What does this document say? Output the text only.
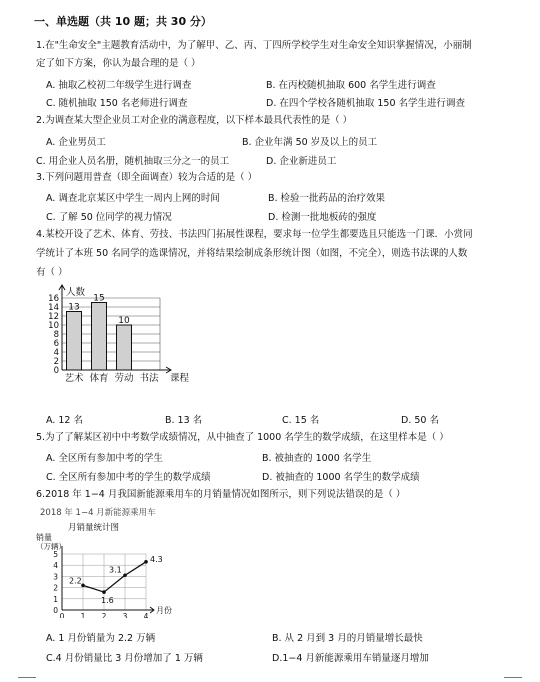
一、单选题（共 10 题；共 30 分）
1.在"生命安全"主题教育活动中，为了解甲、乙、丙、丁四所学校学生对生命安全知识掌握情况，小丽制
定了如下方案，你认为最合理的是（ ）
A. 抽取乙校初二年级学生进行调查	B. 在丙校随机抽取 600 名学生进行调查
C. 随机抽取 150 名老师进行调查	D. 在四个学校各随机抽取 150 名学生进行调查
2.为调查某大型企业员工对企业的满意程度，以下样本最具代表性的是（ ）
A. 企业男员工	B. 企业年满 50 岁及以上的员工
C. 用企业人员名册，随机抽取三分之一的员工	D. 企业新进员工
3.下列问题用普查（即全面调查）较为合适的是（ ）
A. 调查北京某区中学生一周内上网的时间	B. 检验一批药品的治疗效果
C. 了解 50 位同学的视力情况	D. 检测一批地板砖的强度
4.某校开设了艺术、体育、劳技、书法四门拓展性课程，要求每一位学生都要选且只能选一门课．小赏同
学统计了本班 50 名同学的选课情况，并将结果绘制成条形统计图（如图，不完全），则选书法课的人数
有（ ）
0
2
4
6
8
10
12
14
16
人数
课程
艺术
13
体育
15
劳动
10
书法
A. 12 名	B. 13 名	C. 15 名	D. 50 名
5.为了了解某区初中中考数学成绩情况，从中抽查了 1000 名学生的数学成绩，在这里样本是（ ）
A. 全区所有参加中考的学生	B. 被抽查的 1000 名学生
C. 全区所有参加中考的学生的数学成绩	D. 被抽查的 1000 名学生的数学成绩
6.2018 年 1−4 月我国新能源乘用车的月销量情况如图所示，则下列说法错误的是（ ）
2018 年 1−4 月新能源乘用车
月销量统计图
销量
（万辆）
0
1
2
3
4
5
0 1 2 3 4
月份
2.2
1.6
3.1
4.3
A. 1 月份销量为 2.2 万辆	B. 从 2 月到 3 月的月销量增长最快
C.4 月份销量比 3 月份增加了 1 万辆	D.1−4 月新能源乘用车销量逐月增加
